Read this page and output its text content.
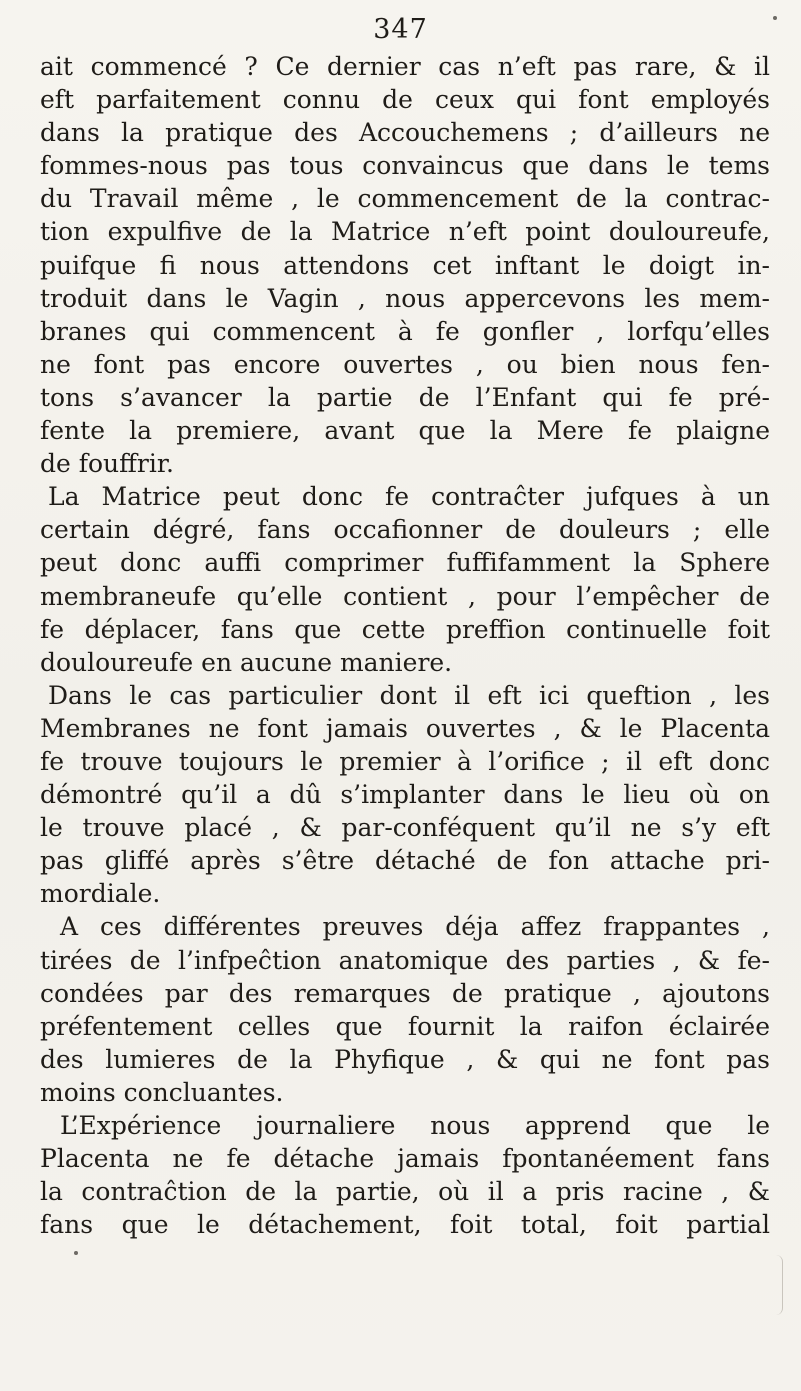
347
ait commencé ? Ce dernier cas n’eft pas rare, & il
eft parfaitement connu de ceux qui font employés
dans la pratique des Accouchemens ; d’ailleurs ne
fommes-nous pas tous convaincus que dans le tems
du Travail même , le commencement de la contrac-
tion expulfive de la Matrice n’eft point douloureufe,
puifque fi nous attendons cet inftant le doigt in-
troduit dans le Vagin , nous appercevons les mem-
branes qui commencent à fe gonfler , lorfqu’elles
ne font pas encore ouvertes , ou bien nous fen-
tons s’avancer la partie de l’Enfant qui fe pré-
fente la premiere, avant que la Mere fe plaigne
de fouffrir.
La Matrice peut donc fe contraĉter jufques à un
certain dégré, fans occafionner de douleurs ; elle
peut donc auffi comprimer fuffifamment la Sphere
membraneufe qu’elle contient , pour l’empêcher de
fe déplacer, fans que cette preffion continuelle foit
douloureufe en aucune maniere.
Dans le cas particulier dont il eft ici queftion , les
Membranes ne font jamais ouvertes , & le Placenta
fe trouve toujours le premier à l’orifice ; il eft donc
démontré qu’il a dû s’implanter dans le lieu où on
le trouve placé , & par-conféquent qu’il ne s’y eft
pas gliffé après s’être détaché de fon attache pri-
mordiale.
A ces différentes preuves déja affez frappantes ,
tirées de l’infpeĉtion anatomique des parties , & fe-
condées par des remarques de pratique , ajoutons
préfentement celles que fournit la raifon éclairée
des lumieres de la Phyfique , & qui ne font pas
moins concluantes.
L’Expérience journaliere nous apprend que le
Placenta ne fe détache jamais fpontanéement fans
la contraĉtion de la partie, où il a pris racine , &
fans que le détachement, foit total, foit partial
